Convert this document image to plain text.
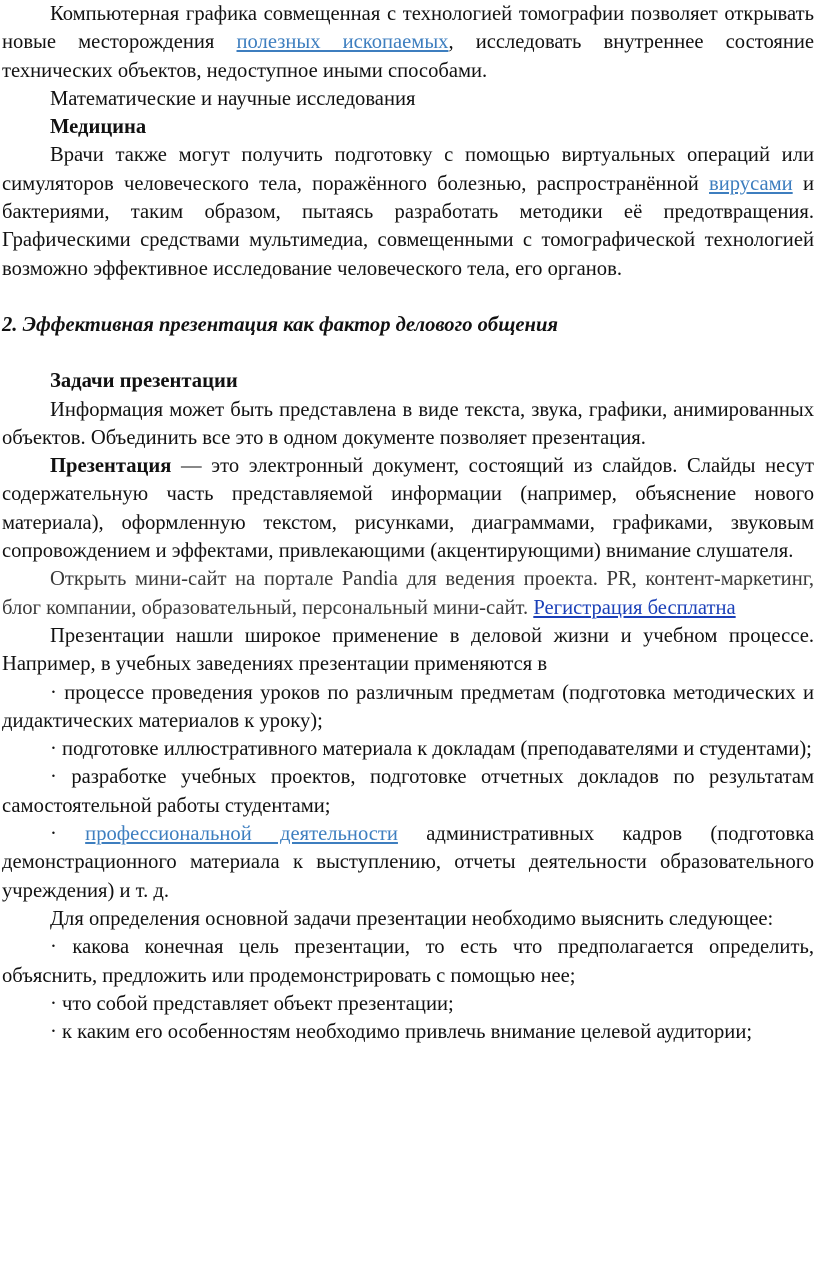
Компьютерная графика совмещенная с технологией томографии позволяет открывать новые месторождения полезных ископаемых, исследовать внутреннее состояние технических объектов, недоступное иными способами.

Математические и научные исследования

Медицина

Врачи также могут получить подготовку с помощью виртуальных операций или симуляторов человеческого тела, поражённого болезнью, распространённой вирусами и бактериями, таким образом, пытаясь разработать методики её предотвращения. Графическими средствами мультимедиа, совмещенными с томографической технологией возможно эффективное исследование человеческого тела, его органов.

2. Эффективная презентация как фактор делового общения

Задачи презентации

Информация может быть представлена в виде текста, звука, графики, анимированных объектов. Объединить все это в одном документе позволяет презентация.

Презентация — это электронный документ, состоящий из слайдов. Слайды несут содержательную часть представляемой информации (например, объяснение нового материала), оформленную текстом, рисунками, диаграммами, графиками, звуковым сопровождением и эффектами, привлекающими (акцентирующими) внимание слушателя.

Открыть мини-сайт на портале Pandia для ведения проекта. PR, контент-маркетинг, блог компании, образовательный, персональный мини-сайт. Регистрация бесплатна

Презентации нашли широкое применение в деловой жизни и учебном процессе. Например, в учебных заведениях презентации применяются в

· процессе проведения уроков по различным предметам (подготовка методических и дидактических материалов к уроку);

· подготовке иллюстративного материала к докладам (преподавателями и студентами);

· разработке учебных проектов, подготовке отчетных докладов по результатам самостоятельной работы студентами;

· профессиональной деятельности административных кадров (подготовка демонстрационного материала к выступлению, отчеты деятельности образовательного учреждения) и т. д.

Для определения основной задачи презентации необходимо выяснить следующее:

· какова конечная цель презентации, то есть что предполагается определить, объяснить, предложить или продемонстрировать с помощью нее;

· что собой представляет объект презентации;

· к каким его особенностям необходимо привлечь внимание целевой аудитории;
